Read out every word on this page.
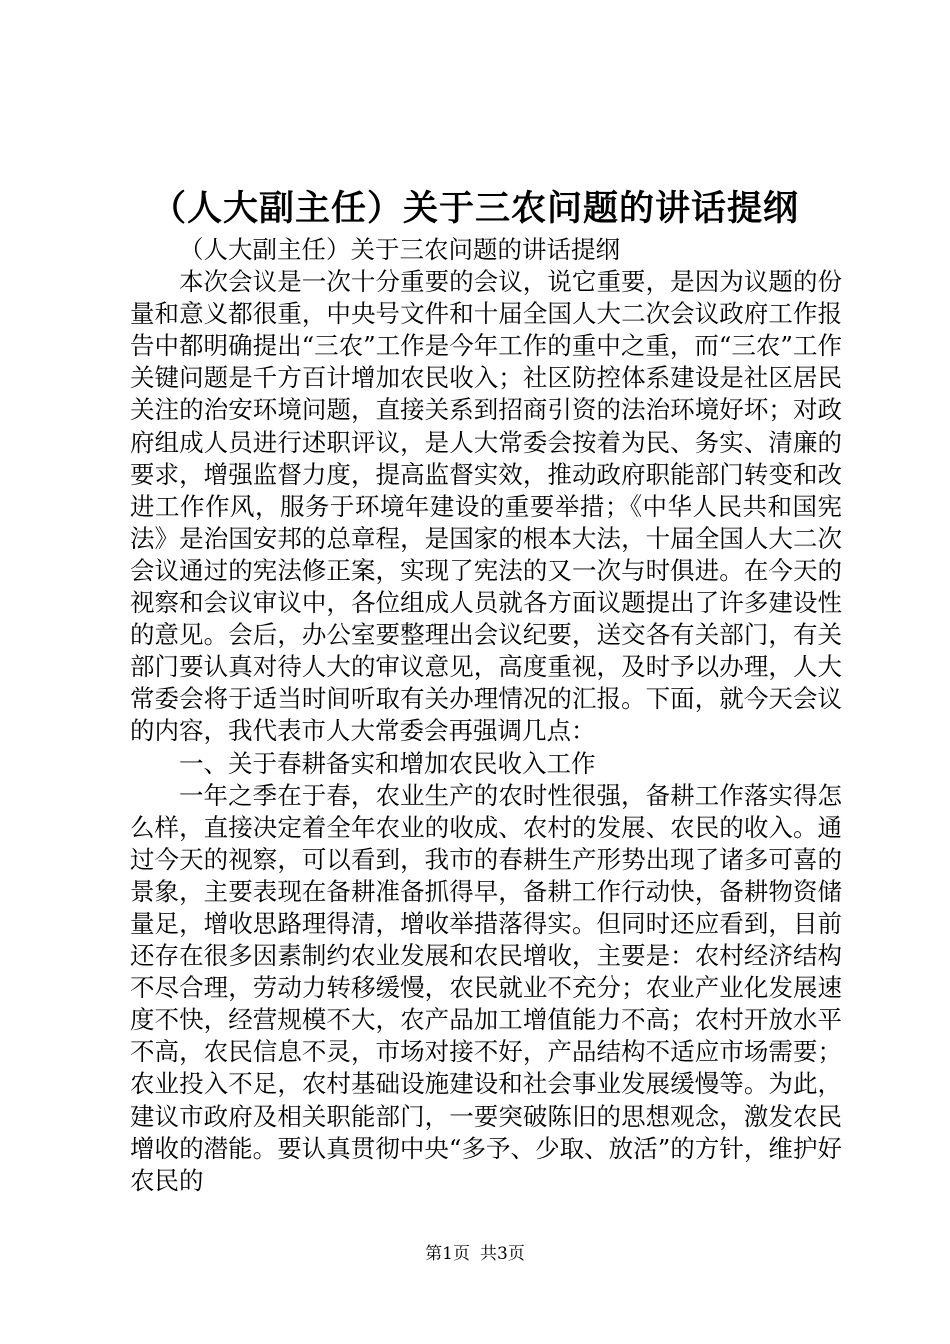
（人大副主任）关于三农问题的讲话提纲

（人大副主任）关于三农问题的讲话提纲

本次会议是一次十分重要的会议，说它重要，是因为议题的份量和意义都很重，中央号文件和十届全国人大二次会议政府工作报告中都明确提出“三农”工作是今年工作的重中之重，而“三农”工作关键问题是千方百计增加农民收入；社区防控体系建设是社区居民关注的治安环境问题，直接关系到招商引资的法治环境好坏；对政府组成人员进行述职评议，是人大常委会按着为民、务实、清廉的要求，增强监督力度，提高监督实效，推动政府职能部门转变和改进工作作风，服务于环境年建设的重要举措；《中华人民共和国宪法》是治国安邦的总章程，是国家的根本大法，十届全国人大二次会议通过的宪法修正案，实现了宪法的又一次与时俱进。在今天的视察和会议审议中，各位组成人员就各方面议题提出了许多建设性的意见。会后，办公室要整理出会议纪要，送交各有关部门，有关部门要认真对待人大的审议意见，高度重视，及时予以办理，人大常委会将于适当时间听取有关办理情况的汇报。下面，就今天会议的内容，我代表市人大常委会再强调几点：

一、关于春耕备实和增加农民收入工作

一年之季在于春，农业生产的农时性很强，备耕工作落实得怎么样，直接决定着全年农业的收成、农村的发展、农民的收入。通过今天的视察，可以看到，我市的春耕生产形势出现了诸多可喜的景象，主要表现在备耕准备抓得早，备耕工作行动快，备耕物资储量足，增收思路理得清，增收举措落得实。但同时还应看到，目前还存在很多因素制约农业发展和农民增收，主要是：农村经济结构不尽合理，劳动力转移缓慢，农民就业不充分；农业产业化发展速度不快，经营规模不大，农产品加工增值能力不高；农村开放水平不高，农民信息不灵，市场对接不好，产品结构不适应市场需要；农业投入不足，农村基础设施建设和社会事业发展缓慢等。为此，建议市政府及相关职能部门，一要突破陈旧的思想观念，激发农民增收的潜能。要认真贯彻中央“多予、少取、放活”的方针，维护好农民的

第1页 共3页
